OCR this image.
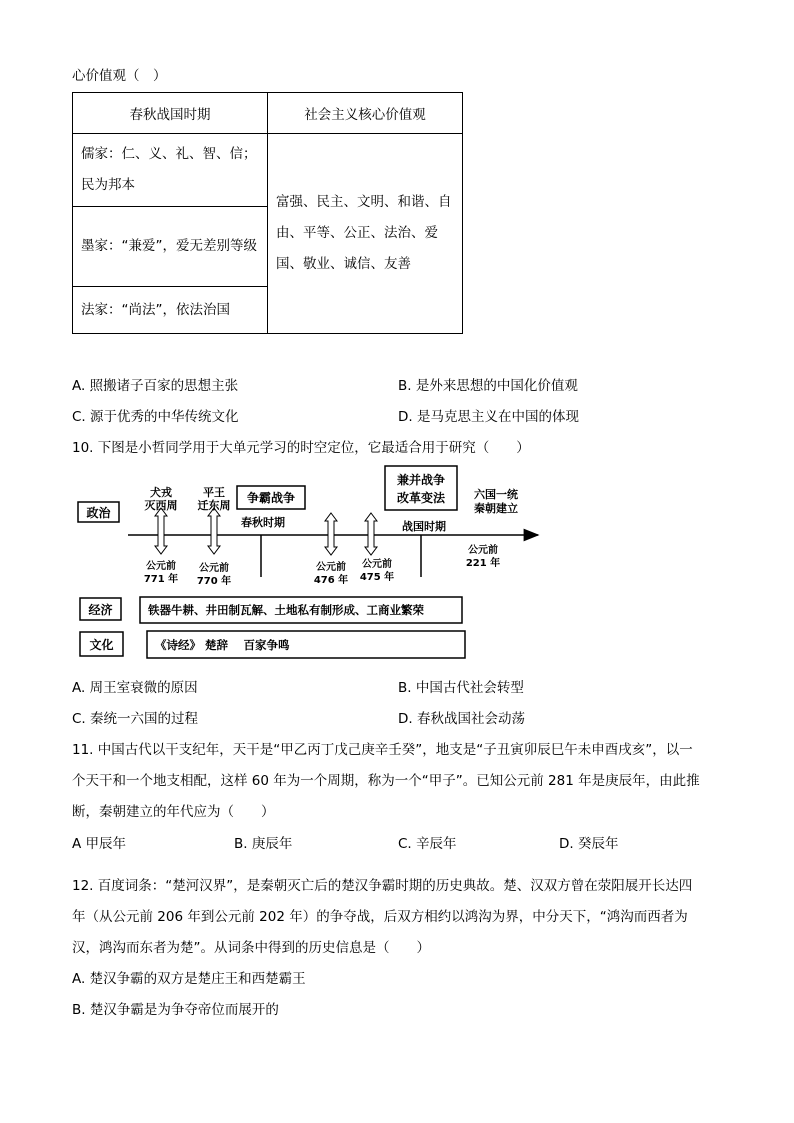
心价值观（　）
春秋战国时期	社会主义核心价值观

儒家：仁、义、礼、智、信；民为邦本	富强、民主、文明、和谐、自由、平等、公正、法治、爱国、敬业、诚信、友善

墨家：“兼爱”，爱无差别等级	

法家：“尚法”，依法治国	
A. 照搬诸子百家的思想主张	B. 是外来思想的中国化价值观
C. 源于优秀的中华传统文化	D. 是马克思主义在中国的体现
10. 下图是小哲同学用于大单元学习的时空定位，它最适合用于研究（　　）
政治
经济
文化
犬戎
灭西周
平王
迁东周
争霸战争
兼并战争
改革变法	六国一统
秦朝建立
春秋时期	战国时期
公元前
771 年
公元前
770 年
公元前
476 年
公元前
475 年
公元前
221 年
铁器牛耕、井田制瓦解、土地私有制形成、工商业繁荣
《诗经》 楚辞　 百家争鸣
A. 周王室衰微的原因	B. 中国古代社会转型
C. 秦统一六国的过程	D. 春秋战国社会动荡
11. 中国古代以干支纪年，天干是“甲乙丙丁戊己庚辛壬癸”，地支是“子丑寅卯辰巳午未申酉戌亥”，以一
个天干和一个地支相配，这样 60 年为一个周期，称为一个“甲子”。已知公元前 281 年是庚辰年，由此推
断，秦朝建立的年代应为（　　）
A 甲辰年	B. 庚辰年	C. 辛辰年	D. 癸辰年
12. 百度词条：“楚河汉界”，是秦朝灭亡后的楚汉争霸时期的历史典故。楚、汉双方曾在荥阳展开长达四
年（从公元前 206 年到公元前 202 年）的争夺战，后双方相约以鸿沟为界，中分天下，“鸿沟而西者为
汉，鸿沟而东者为楚”。从词条中得到的历史信息是（　　）
A. 楚汉争霸的双方是楚庄王和西楚霸王
B. 楚汉争霸是为争夺帝位而展开的
